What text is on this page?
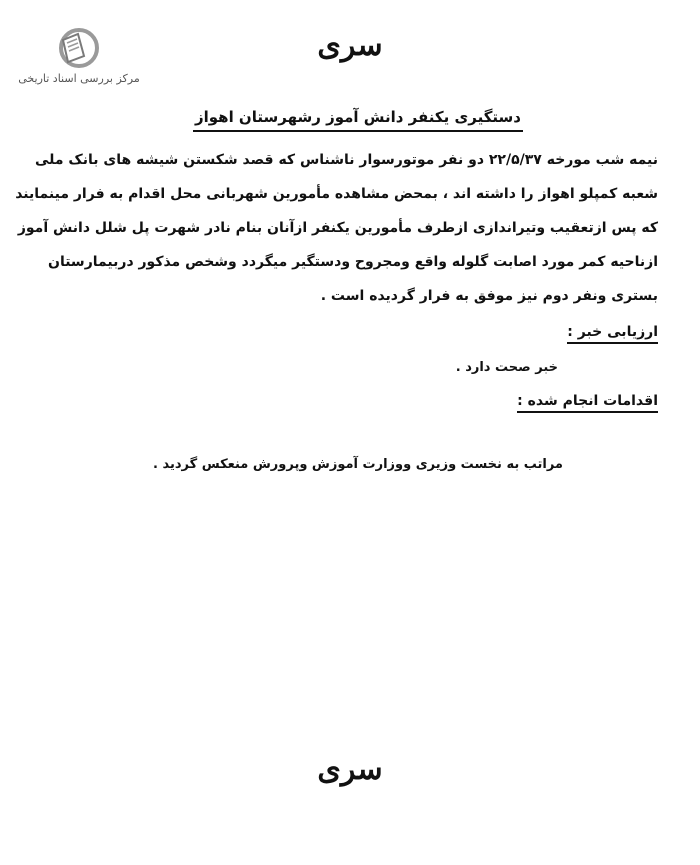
مرکز بررسی اسناد تاریخی
سری
دستگیری یکنفر دانش آموز رشهرستان اهواز

نیمه شب مورخه ۲۲/۵/۳۷ دو نفر موتورسوار ناشناس که قصد شکستن شیشه های بانک ملی

شعبه کمپلو اهواز را داشته اند ، بمحض مشاهده مأمورین شهربانی محل اقدام به فرار مینمایند

که پس ازتعقیب وتیراندازی ازطرف مأمورین یکنفر ازآنان بنام نادر شهرت پل شلل دانش آموز

ازناحیه کمر مورد اصابت گلوله واقع ومجروح ودستگیر میگردد وشخص مذکور دربیمارستان

بستری ونفر دوم نیز موفق به فرار گردیده است .

ارزیابی خبر :

خبر صحت دارد .

اقدامات انجام شده :

مراتب به نخست وزیری ووزارت آموزش وپرورش منعکس گردید .

سری
